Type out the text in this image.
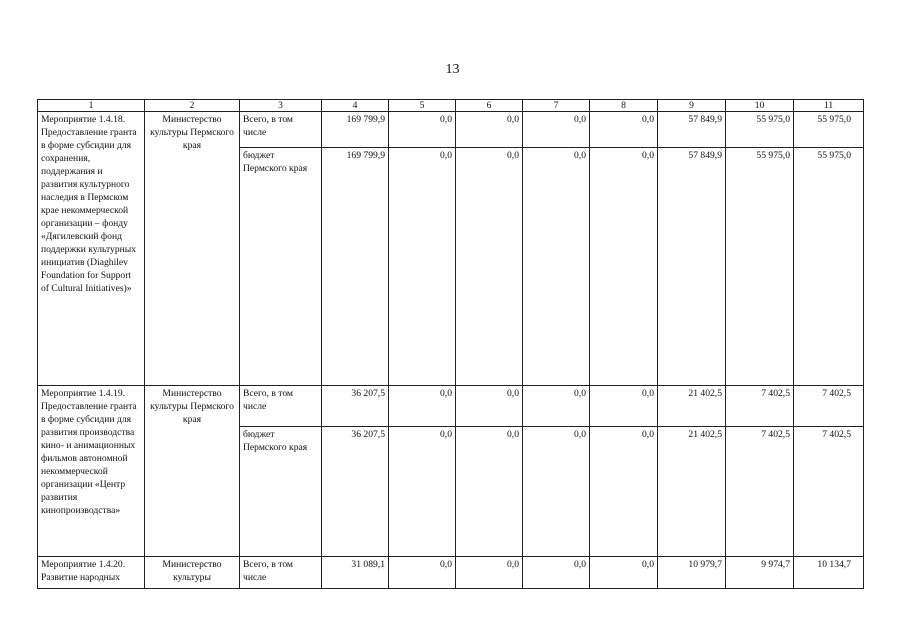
13
1	2	3	4	5	6	7	8	9	10	11
Мероприятие 1.4.18. Предоставление гранта в форме субсидии для сохранения, поддержания и развития культурного наследия в Пермском крае некоммерческой организации – фонду «Дягилевский фонд поддержки культурных инициатив (Diaghilev Foundation for Support of Cultural Initiatives)»	Министерство культуры Пермского края	Всего, в том числе	169 799,9	0,0	0,0	0,0	0,0	57 849,9	55 975,0	55 975,0
		бюджет Пермского края	169 799,9	0,0	0,0	0,0	0,0	57 849,9	55 975,0	55 975,0
Мероприятие 1.4.19. Предоставление гранта в форме субсидии для развития производства кино- и анимационных фильмов автономной некоммерческой организации «Центр развития кинопроизводства»	Министерство культуры Пермского края	Всего, в том числе	36 207,5	0,0	0,0	0,0	0,0	21 402,5	7 402,5	7 402,5
		бюджет Пермского края	36 207,5	0,0	0,0	0,0	0,0	21 402,5	7 402,5	7 402,5
Мероприятие 1.4.20. Развитие народных	Министерство культуры	Всего, в том числе	31 089,1	0,0	0,0	0,0	0,0	10 979,7	9 974,7	10 134,7
